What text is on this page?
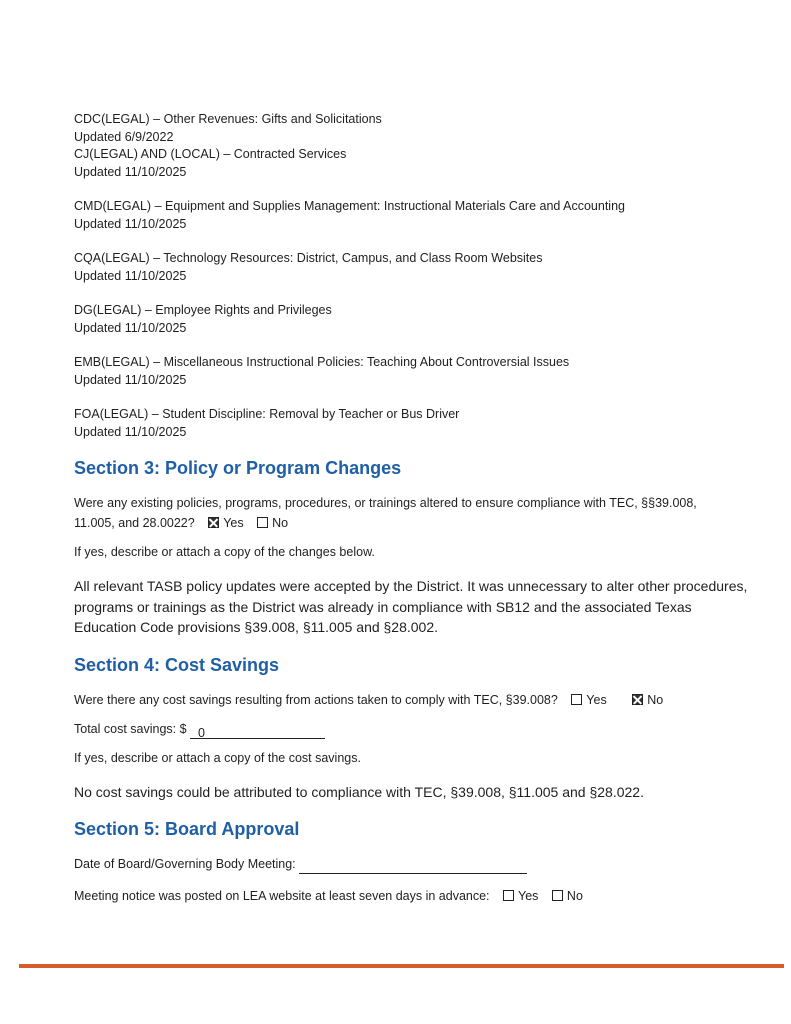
CDC(LEGAL) – Other Revenues: Gifts and Solicitations
Updated 6/9/2022
CJ(LEGAL) AND (LOCAL) – Contracted Services
Updated 11/10/2025
CMD(LEGAL) – Equipment and Supplies Management: Instructional Materials Care and Accounting
Updated 11/10/2025
CQA(LEGAL) – Technology Resources: District, Campus, and Class Room Websites
Updated 11/10/2025
DG(LEGAL) – Employee Rights and Privileges
Updated 11/10/2025
EMB(LEGAL) – Miscellaneous Instructional Policies: Teaching About Controversial Issues
Updated 11/10/2025
FOA(LEGAL) – Student Discipline: Removal by Teacher or Bus Driver
Updated 11/10/2025
Section 3: Policy or Program Changes
Were any existing policies, programs, procedures, or trainings altered to ensure compliance with TEC, §§39.008,
11.005, and 28.0022? Yes No
If yes, describe or attach a copy of the changes below.
All relevant TASB policy updates were accepted by the District. It was unnecessary to alter other procedures, programs or trainings as the District was already in compliance with SB12 and the associated Texas Education Code provisions §39.008, §11.005 and §28.002.
Section 4: Cost Savings
Were there any cost savings resulting from actions taken to comply with TEC, §39.008? Yes	No
Total cost savings: $ 0
If yes, describe or attach a copy of the cost savings.
No cost savings could be attributed to compliance with TEC, §39.008, §11.005 and §28.022.
Section 5: Board Approval
Date of Board/Governing Body Meeting:
Meeting notice was posted on LEA website at least seven days in advance: Yes No
